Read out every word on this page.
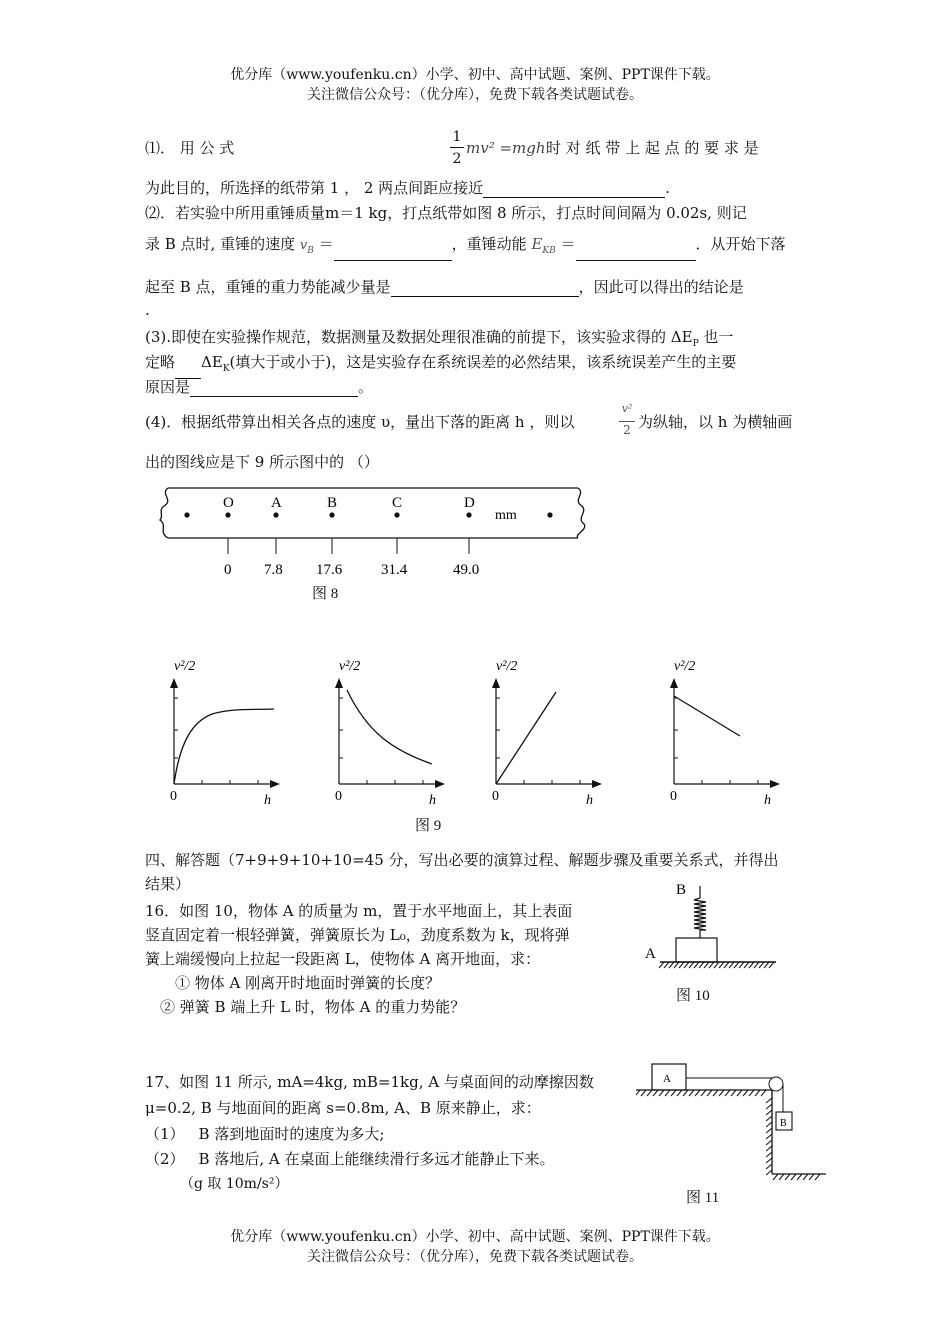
优分库（www.youfenku.cn）小学、初中、高中试题、案例、PPT课件下载。
关注微信公众号：（优分库），免费下载各类试题试卷。
⑴． 用 公 式
1
2
mv² =mgh 时 对 纸 带 上 起 点 的 要 求 是
为此目的，所选择的纸带第 1 ， 2 两点间距应接近	.
⑵．若实验中所用重锤质量m＝1 kg，打点纸带如图 8 所示，打点时间间隔为 0.02s, 则记
录 B 点时, 重锤的速度 $v_B$ ＝	，重锤动能 $E_{KB}$ ＝	．从开始下落
起至 B 点，重锤的重力势能减少量是	，因此可以得出的结论是
.
(3).即使在实验操作规范，数据测量及数据处理很准确的前提下，该实验求得的 $\Delta E_P$ 也一
定略 $\Delta E_K$(填大于或小于)，这是实验存在系统误差的必然结果，该系统误差产生的主要
原因是	。
(4)．根据纸带算出相关各点的速度 υ，量出下落的距离 h ，则以
v²
2 为纵轴，以 h 为横轴画
出的图线应是下 9 所示图中的 （）
O
0
A
7.8
B
17.6
C
31.4
D
49.0
mm
图 8
v²/2
0	h
v²/2
0	h
v²/2
0	h
v²/2
0	h
图 9
四、解答题（7+9+9+10+10=45 分，写出必要的演算过程、解题步骤及重要关系式，并得出
结果）
16．如图 10，物体 A 的质量为 m，置于水平地面上，其上表面
竖直固定着一根轻弹簧，弹簧原长为 L₀，劲度系数为 k，现将弹
簧上端缓慢向上拉起一段距离 L，使物体 A 离开地面，求：
① 物体 A 刚离开时地面时弹簧的长度？
② 弹簧 B 端上升 L 时，物体 A 的重力势能？
B
A
图 10
17、如图 11 所示, mA=4kg, mB=1kg, A 与桌面间的动摩擦因数
μ=0.2, B 与地面间的距离 s=0.8m, A、B 原来静止，求：
（1） B 落到地面时的速度为多大;
（2） B 落地后, A 在桌面上能继续滑行多远才能静止下来。
（g 取 10m/s²）
A
B
图 11
优分库（www.youfenku.cn）小学、初中、高中试题、案例、PPT课件下载。
关注微信公众号：（优分库），免费下载各类试题试卷。
